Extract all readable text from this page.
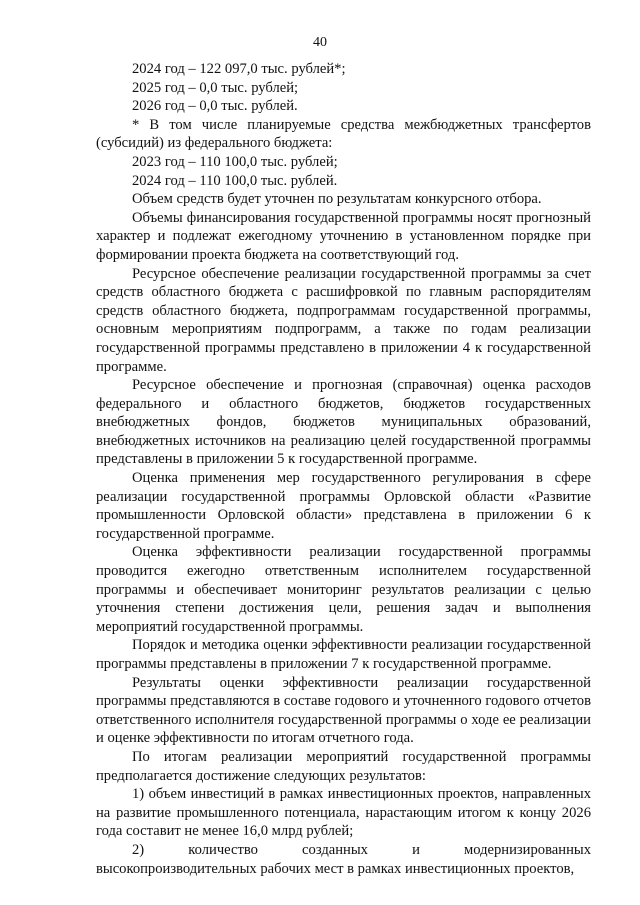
40

2024 год – 122 097,0 тыс. рублей*;

2025 год – 0,0 тыс. рублей;

2026 год – 0,0 тыс. рублей.

* В том числе планируемые средства межбюджетных трансфертов (субсидий) из федерального бюджета:

2023 год – 110 100,0 тыс. рублей;

2024 год – 110 100,0 тыс. рублей.

Объем средств будет уточнен по результатам конкурсного отбора.

Объемы финансирования государственной программы носят прогнозный характер и подлежат ежегодному уточнению в установленном порядке при формировании проекта бюджета на соответствующий год.

Ресурсное обеспечение реализации государственной программы за счет средств областного бюджета с расшифровкой по главным распорядителям средств областного бюджета, подпрограммам государственной программы, основным мероприятиям подпрограмм, а также по годам реализации государственной программы представлено в приложении 4 к государственной программе.

Ресурсное обеспечение и прогнозная (справочная) оценка расходов федерального и областного бюджетов, бюджетов государственных внебюджетных фондов, бюджетов муниципальных образований, внебюджетных источников на реализацию целей государственной программы представлены в приложении 5 к государственной программе.

Оценка применения мер государственного регулирования в сфере реализации государственной программы Орловской области «Развитие промышленности Орловской области» представлена в приложении 6 к государственной программе.

Оценка эффективности реализации государственной программы проводится ежегодно ответственным исполнителем государственной программы и обеспечивает мониторинг результатов реализации с целью уточнения степени достижения цели, решения задач и выполнения мероприятий государственной программы.

Порядок и методика оценки эффективности реализации государственной программы представлены в приложении 7 к государственной программе.

Результаты оценки эффективности реализации государственной программы представляются в составе годового и уточненного годового отчетов ответственного исполнителя государственной программы о ходе ее реализации и оценке эффективности по итогам отчетного года.

По итогам реализации мероприятий государственной программы предполагается достижение следующих результатов:

1) объем инвестиций в рамках инвестиционных проектов, направленных на развитие промышленного потенциала, нарастающим итогом к концу 2026 года составит не менее 16,0 млрд рублей;

2) количество созданных и модернизированных высокопроизводительных рабочих мест в рамках инвестиционных проектов,
